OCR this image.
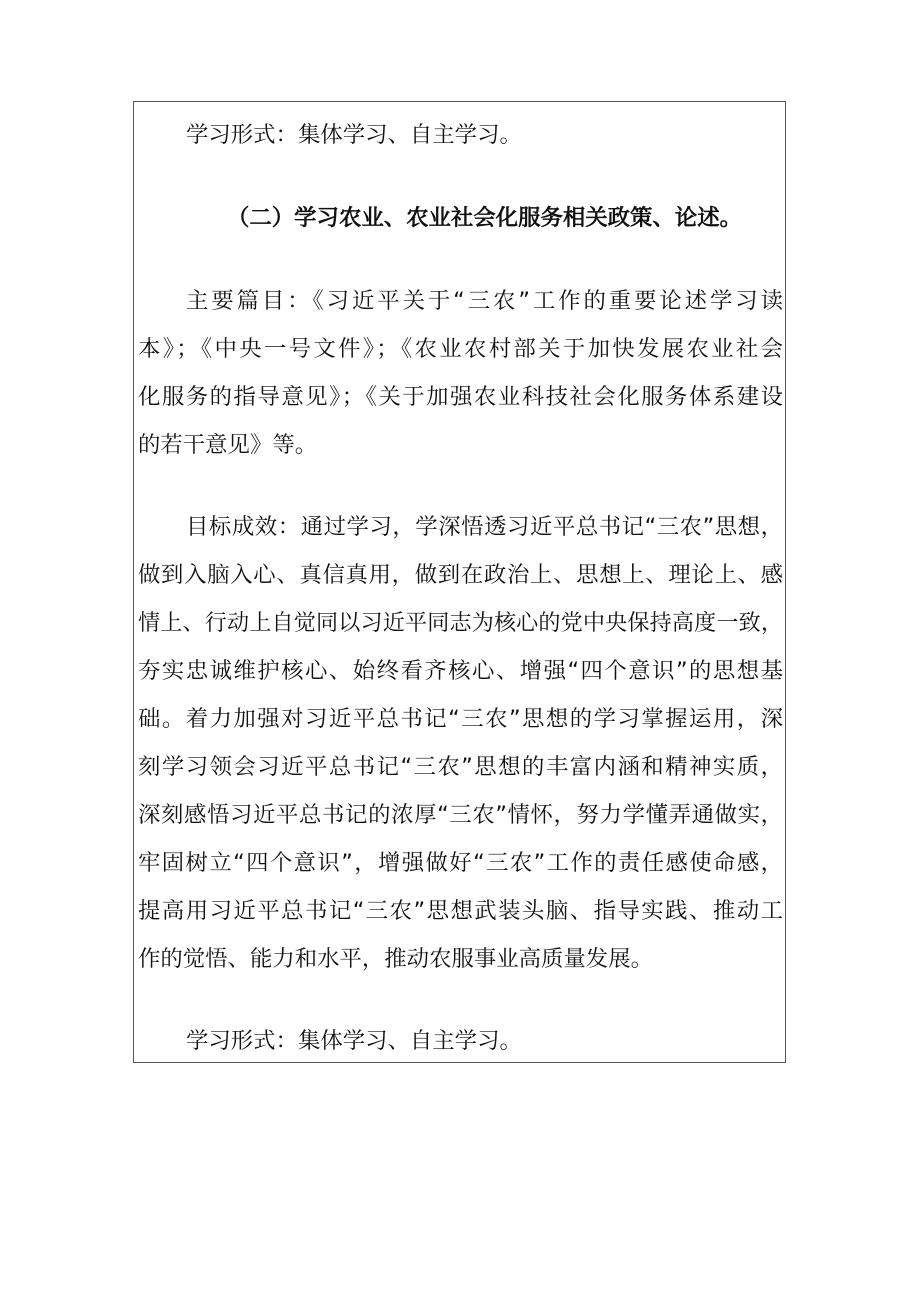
学习形式：集体学习、自主学习。
（二）学习农业、农业社会化服务相关政策、论述。
主要篇目：《习近平关于“三农”工作的重要论述学习读
本》；《中央一号文件》；《农业农村部关于加快发展农业社会
化服务的指导意见》；《关于加强农业科技社会化服务体系建设
的若干意见》等。
目标成效：通过学习，学深悟透习近平总书记“三农”思想，
做到入脑入心、真信真用，做到在政治上、思想上、理论上、感
情上、行动上自觉同以习近平同志为核心的党中央保持高度一致，
夯实忠诚维护核心、始终看齐核心、增强“四个意识”的思想基
础。着力加强对习近平总书记“三农”思想的学习掌握运用，深
刻学习领会习近平总书记“三农”思想的丰富内涵和精神实质，
深刻感悟习近平总书记的浓厚“三农”情怀，努力学懂弄通做实，
牢固树立“四个意识”，增强做好“三农”工作的责任感使命感，
提高用习近平总书记“三农”思想武装头脑、指导实践、推动工
作的觉悟、能力和水平，推动农服事业高质量发展。
学习形式：集体学习、自主学习。
